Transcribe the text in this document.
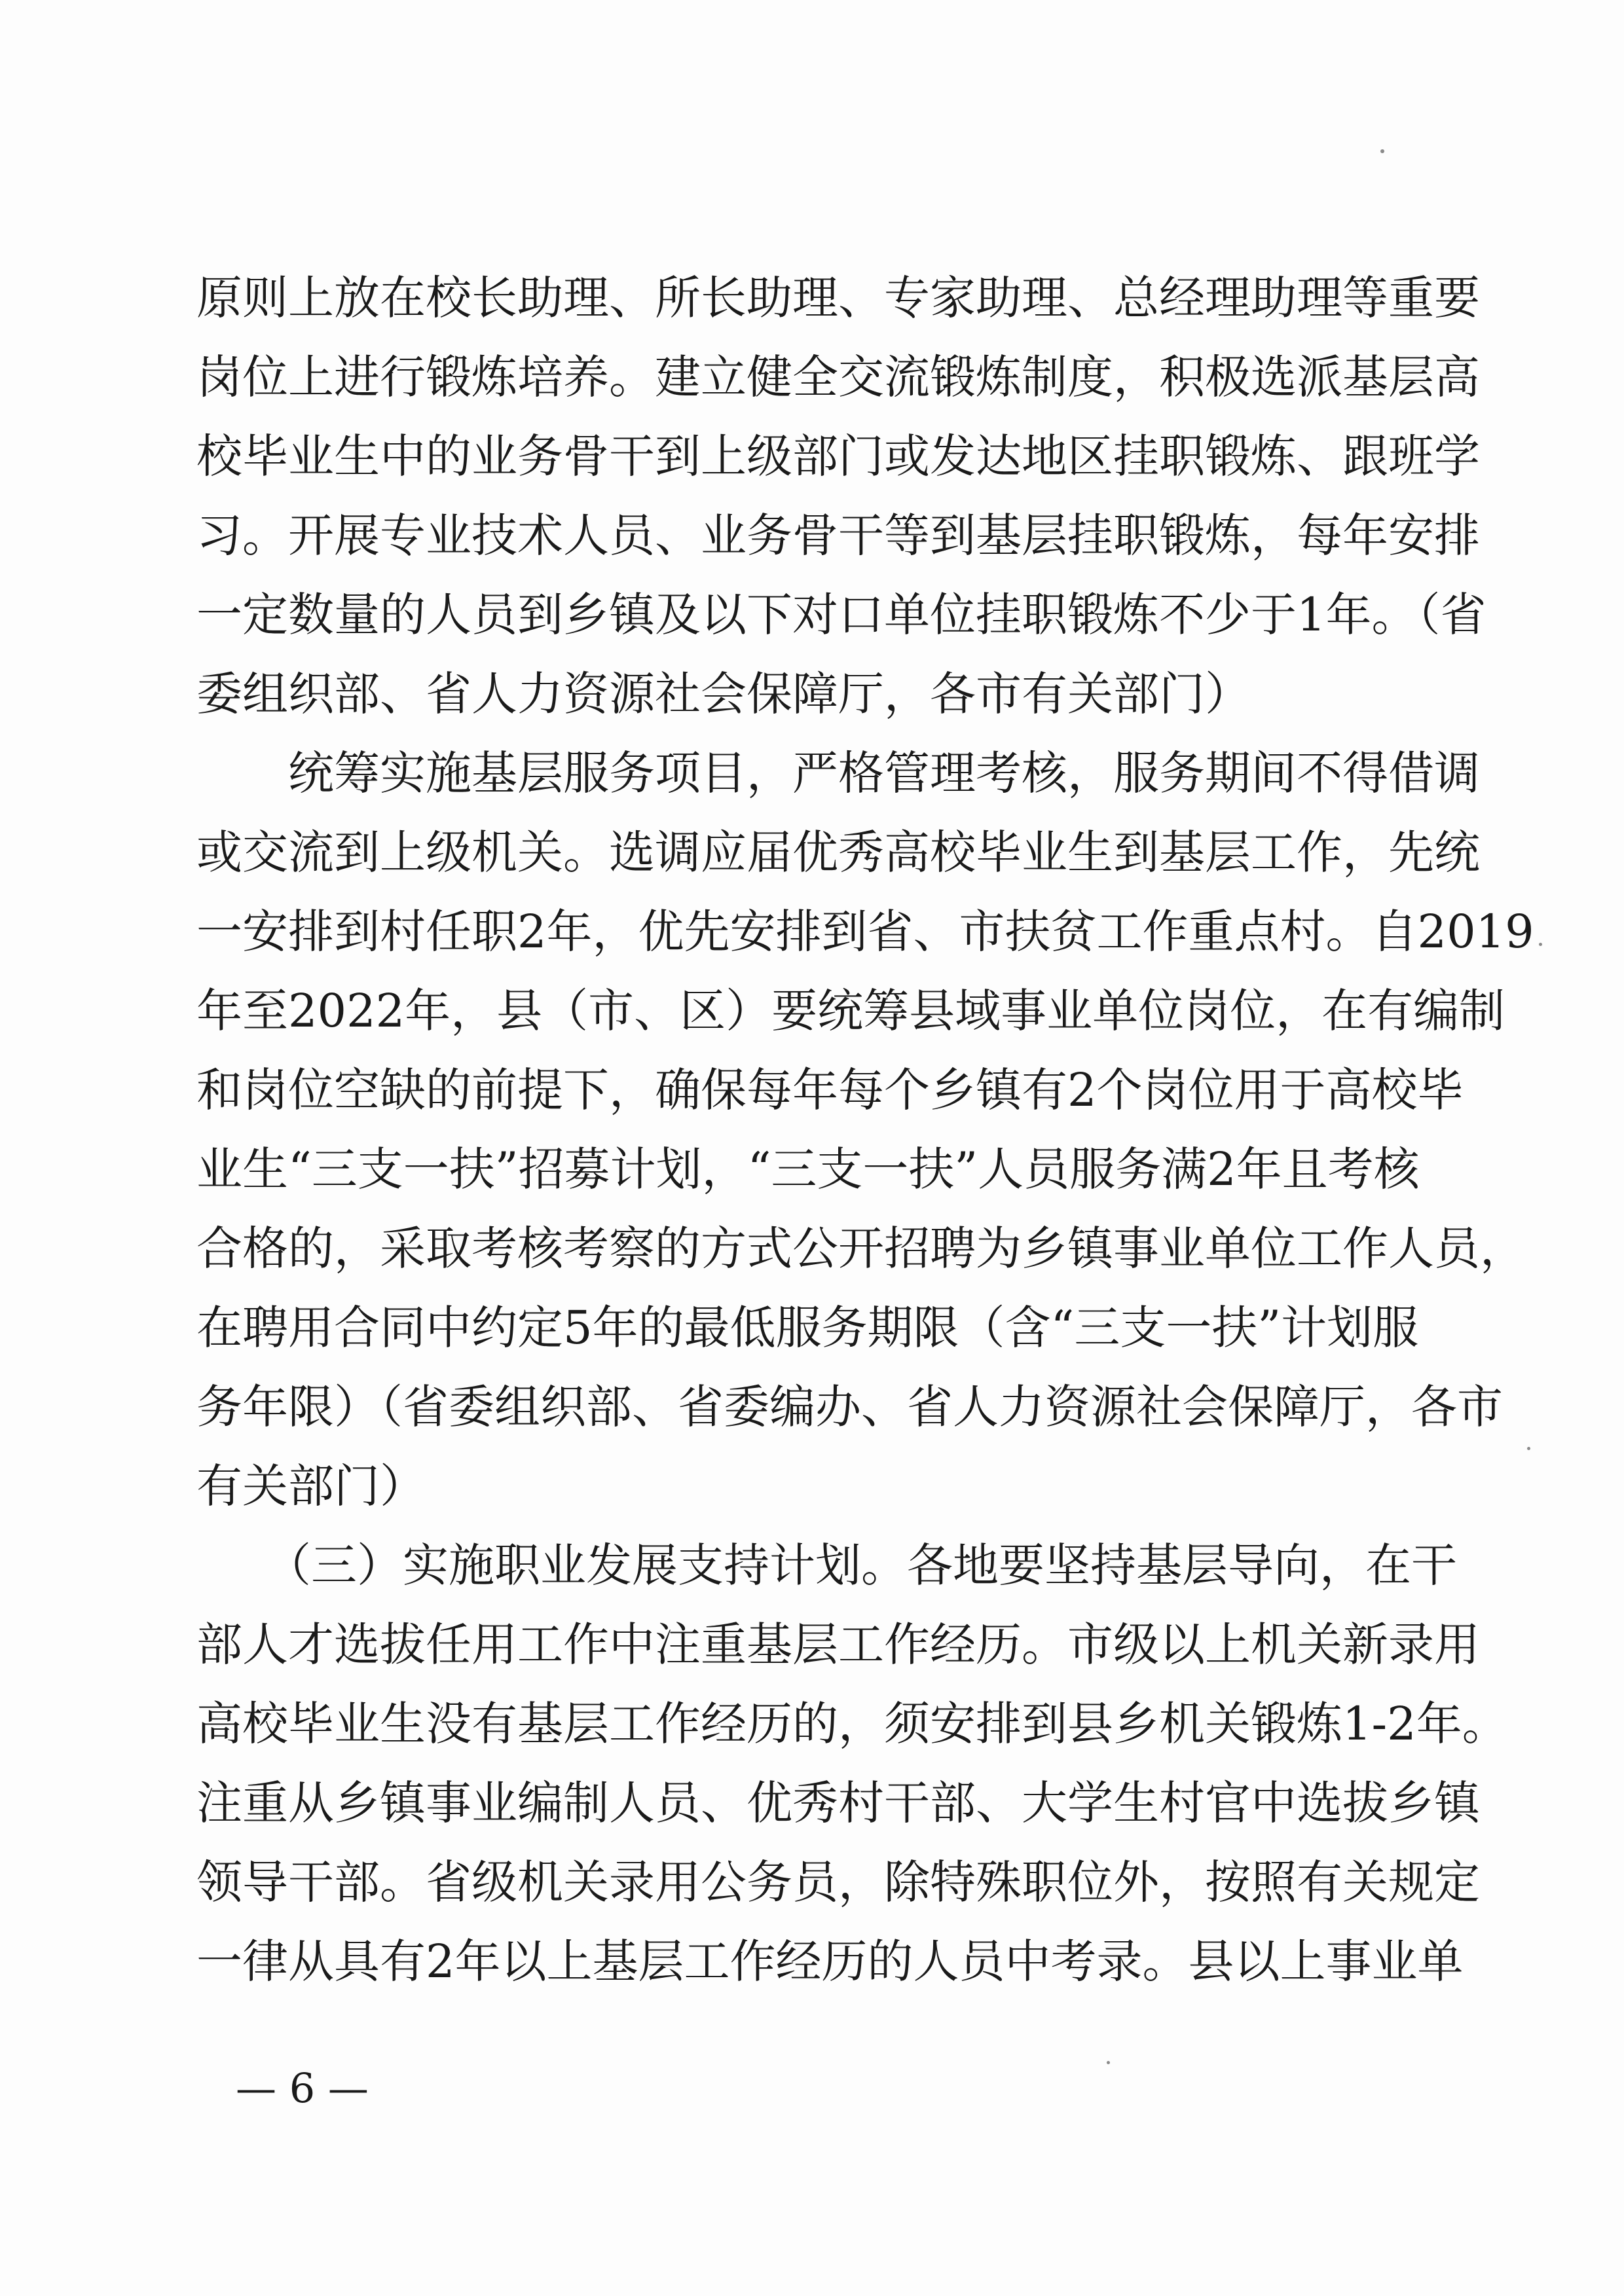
原则上放在校长助理、所长助理、专家助理、总经理助理等重要
岗位上进行锻炼培养。建立健全交流锻炼制度，积极选派基层高
校毕业生中的业务骨干到上级部门或发达地区挂职锻炼、跟班学
习。开展专业技术人员、业务骨干等到基层挂职锻炼，每年安排
一定数量的人员到乡镇及以下对口单位挂职锻炼不少于1年。（省
委组织部、省人力资源社会保障厅，各市有关部门）
　　统筹实施基层服务项目，严格管理考核，服务期间不得借调
或交流到上级机关。选调应届优秀高校毕业生到基层工作，先统
一安排到村任职2年，优先安排到省、市扶贫工作重点村。自2019
年至2022年，县（市、区）要统筹县域事业单位岗位，在有编制
和岗位空缺的前提下，确保每年每个乡镇有2个岗位用于高校毕
业生“三支一扶”招募计划，“三支一扶”人员服务满2年且考核
合格的，采取考核考察的方式公开招聘为乡镇事业单位工作人员，
在聘用合同中约定5年的最低服务期限（含“三支一扶”计划服
务年限）（省委组织部、省委编办、省人力资源社会保障厅，各市
有关部门）
　　（三）实施职业发展支持计划。各地要坚持基层导向，在干
部人才选拔任用工作中注重基层工作经历。市级以上机关新录用
高校毕业生没有基层工作经历的，须安排到县乡机关锻炼1-2年。
注重从乡镇事业编制人员、优秀村干部、大学生村官中选拔乡镇
领导干部。省级机关录用公务员，除特殊职位外，按照有关规定
一律从具有2年以上基层工作经历的人员中考录。县以上事业单
— 6 —
